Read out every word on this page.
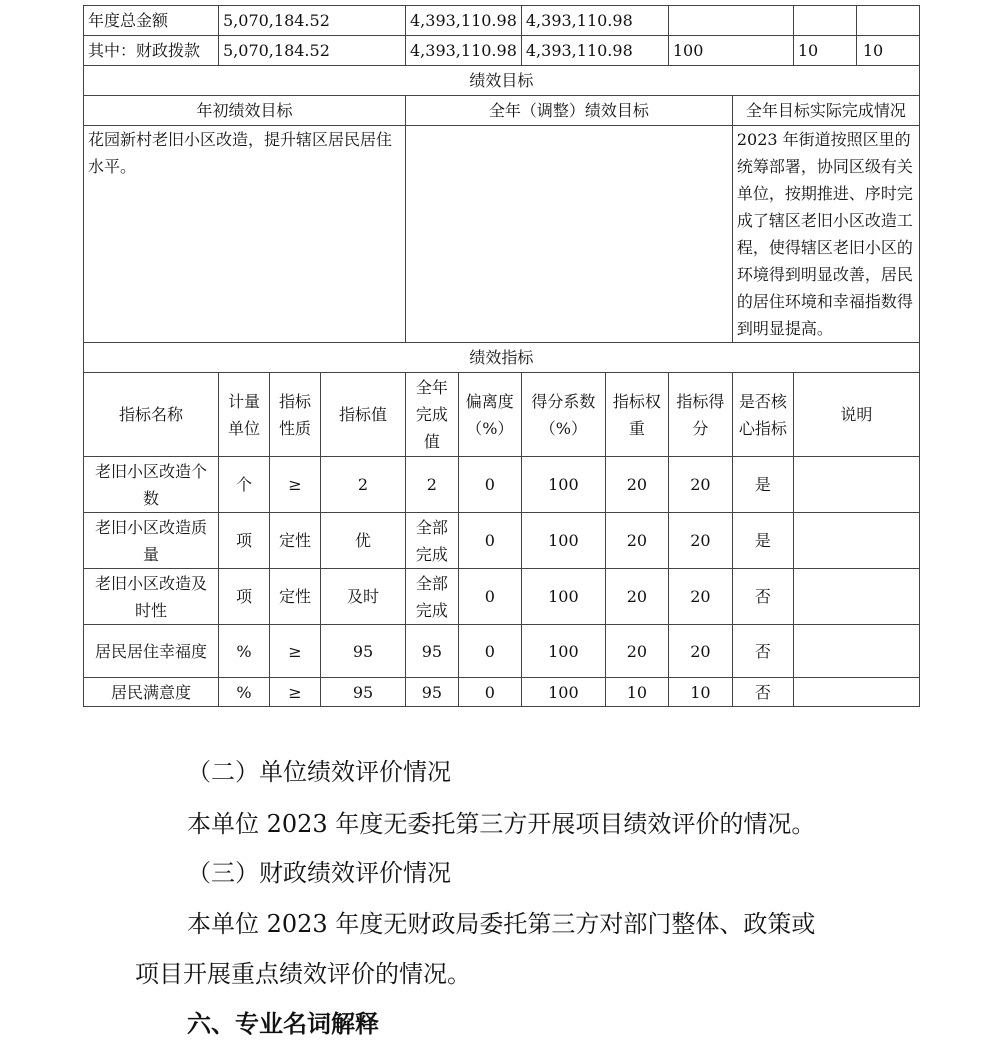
年度总金额	5,070,184.52			4,393,110.98		4,393,110.98				

其中：财政拨款	5,070,184.52			4,393,110.98		4,393,110.98		100		10 10

绩效目标										
年初绩效目标				全年（调整）绩效目标					全年目标实际完成情况	
花园新村老旧小区改造，提升辖区居民居住水平。									2023 年街道按照区里的统筹部署，协同区级有关单位，按期推进、序时完成了辖区老旧小区改造工程，使得辖区老旧小区的环境得到明显改善，居民的居住环境和幸福指数得到明显提高。	
绩效指标										
指标名称	计量单位	指标性质	指标值	全年完成值	偏离度（%）	得分系数（%）	指标权重	指标得分	是否核心指标	说明
老旧小区改造个数	个	≥	2	2	0	100	20	20	是	
老旧小区改造质量	项	定性	优	全部完成	0	100	20	20	是	
老旧小区改造及时性	项	定性	及时	全部完成	0	100	20	20	否	
居民居住幸福度	%	≥	95	95	0	100	20	20	否	
居民满意度	%	≥	95	95	0	100	10	10	否	
（二）单位绩效评价情况
本单位 2023 年度无委托第三方开展项目绩效评价的情况。
（三）财政绩效评价情况
本单位 2023 年度无财政局委托第三方对部门整体、政策或
项目开展重点绩效评价的情况。
六、专业名词解释
